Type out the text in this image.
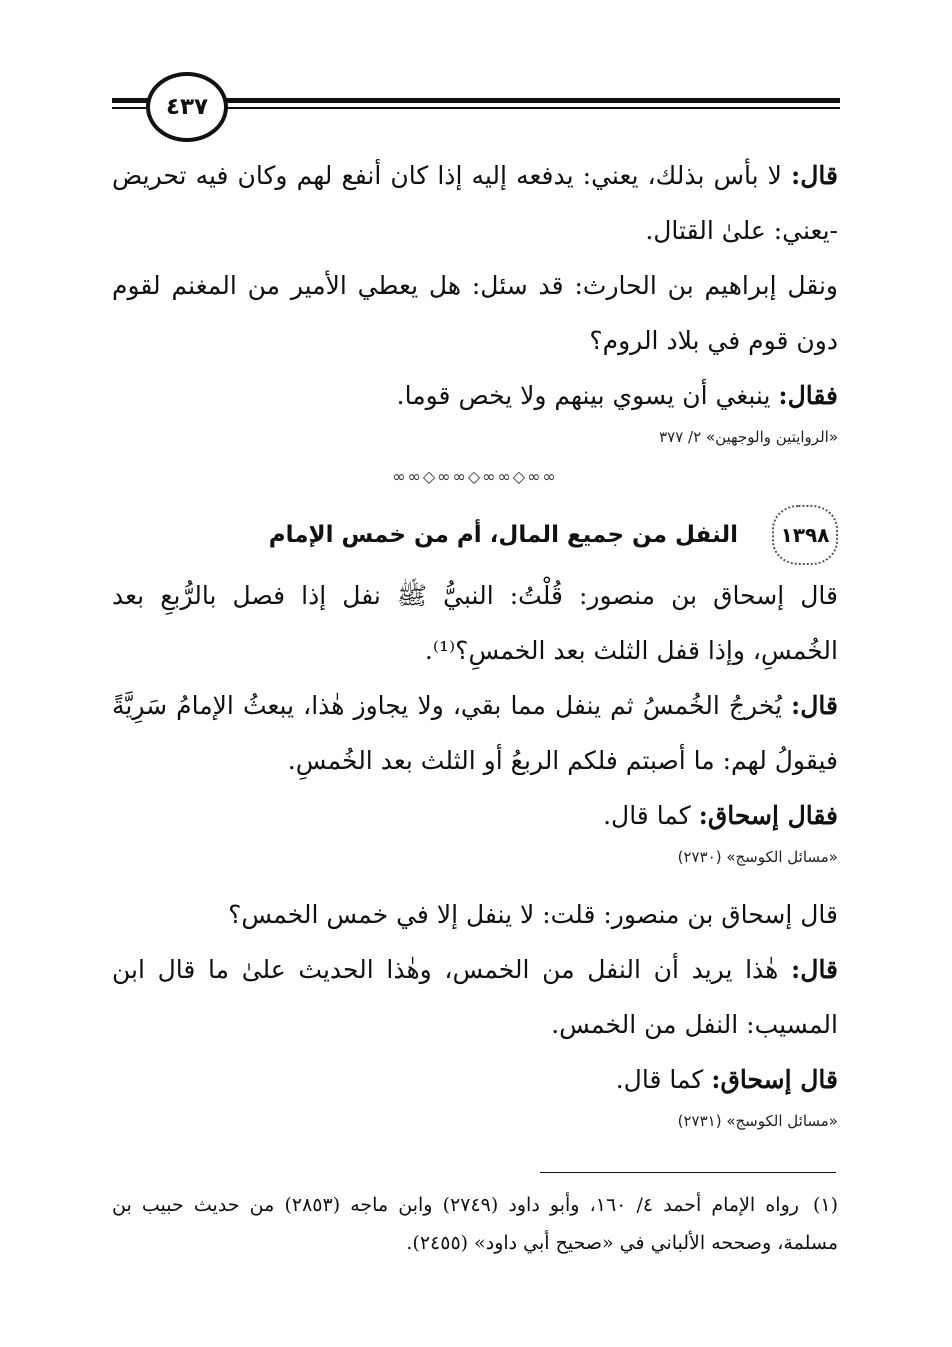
٤٣٧

قال: لا بأس بذلك، يعني: يدفعه إليه إذا كان أنفع لهم وكان فيه تحريض -يعني: علىٰ القتال.

ونقل إبراهيم بن الحارث: قد سئل: هل يعطي الأمير من المغنم لقوم دون قوم في بلاد الروم؟

فقال: ينبغي أن يسوي بينهم ولا يخص قوما.

«الروايتين والوجهين» ٢/ ٣٧٧
∞∞◇∞∞◇∞∞◇∞∞
١٣٩٨
النفل من جميع المال، أم من خمس الإمام

قال إسحاق بن منصور: قُلْتُ: النبيُّ ﷺ نفل إذا فصل بالرُّبعِ بعد الخُمسِ، وإذا قفل الثلث بعد الخمسِ؟⁽¹⁾.

قال: يُخرجُ الخُمسُ ثم ينفل مما بقي، ولا يجاوز هٰذا، يبعثُ الإمامُ سَرِيَّةً فيقولُ لهم: ما أصبتم فلكم الربعُ أو الثلث بعد الخُمسِ.

فقال إسحاق: كما قال.

«مسائل الكوسج» (٢٧٣٠)

قال إسحاق بن منصور: قلت: لا ينفل إلا في خمس الخمس؟

قال: هٰذا يريد أن النفل من الخمس، وهٰذا الحديث علىٰ ما قال ابن المسيب: النفل من الخمس.

قال إسحاق: كما قال.

«مسائل الكوسج» (٢٧٣١)
(١)رواه الإمام أحمد ٤/ ١٦٠، وأبو داود (٢٧٤٩) وابن ماجه (٢٨٥٣) من حديث حبيب بن مسلمة، وصححه الألباني في «صحيح أبي داود» (٢٤٥٥).
